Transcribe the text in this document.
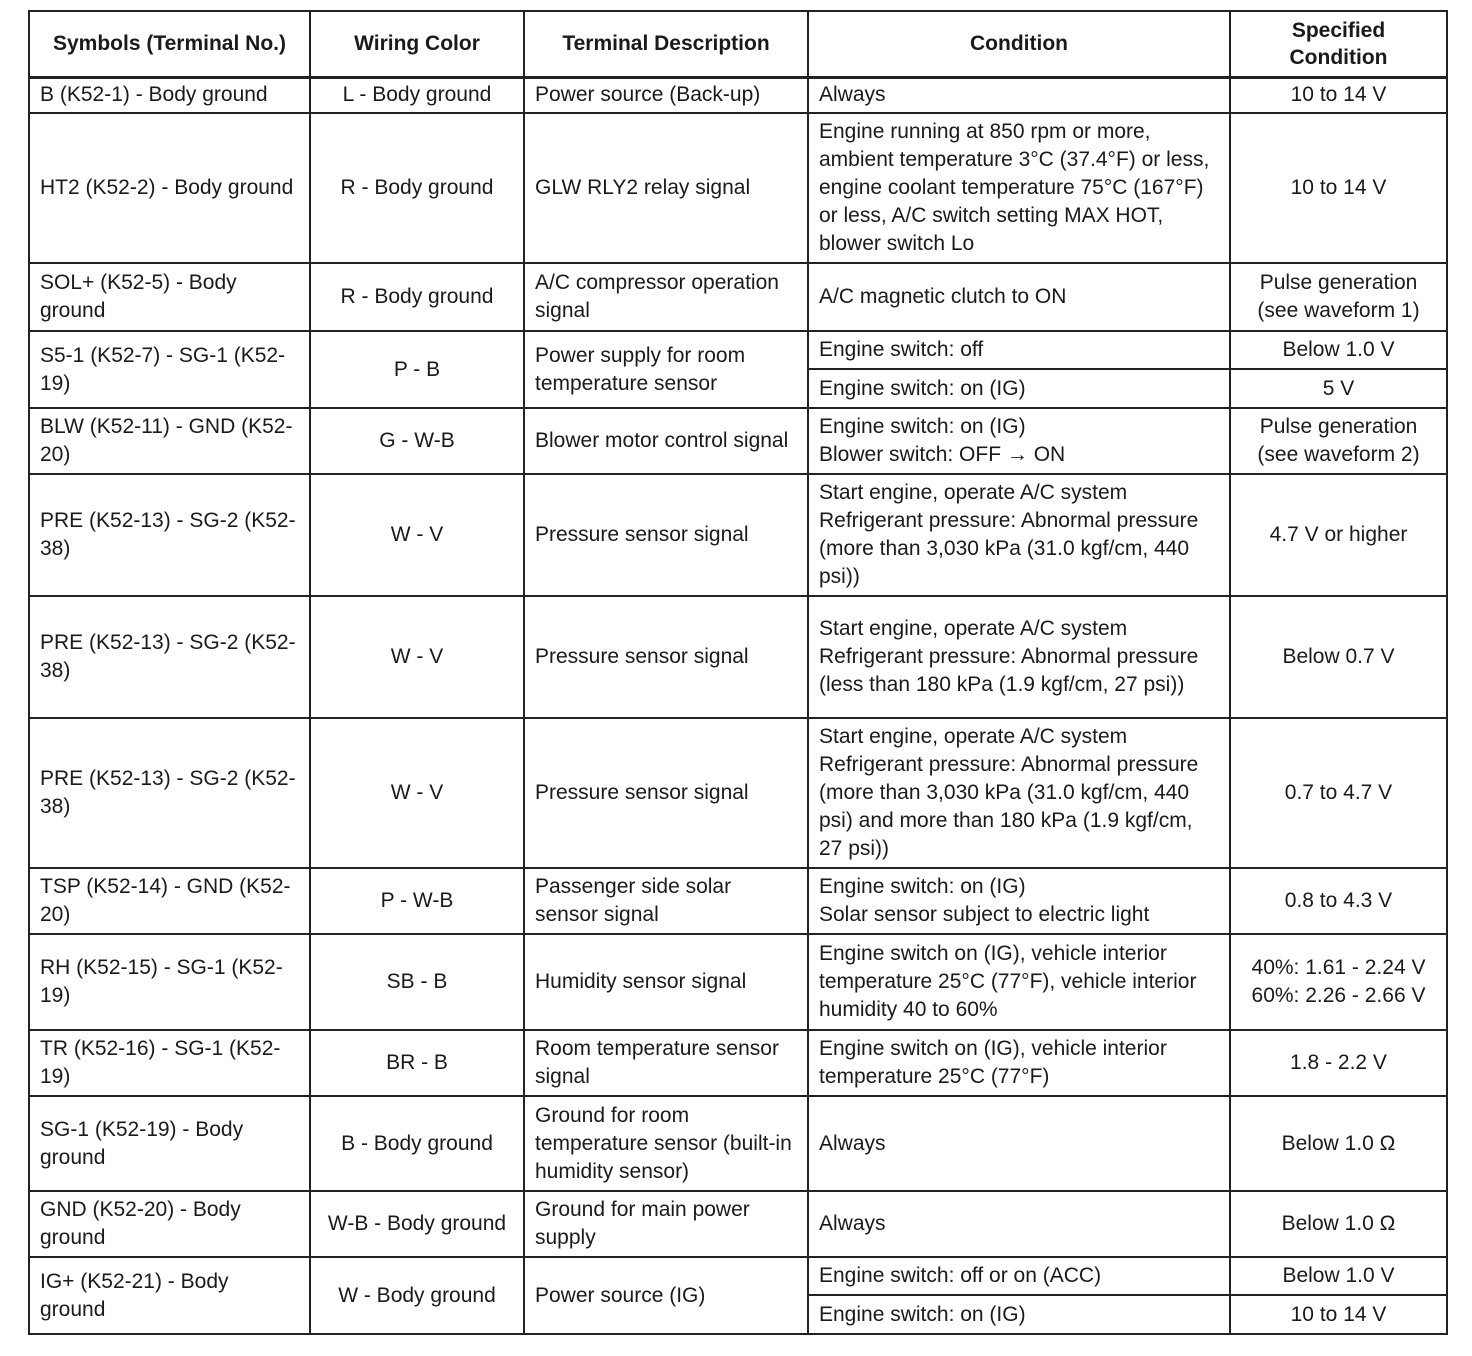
Symbols (Terminal No.)	Wiring Color	Terminal Description	Condition	Specified
Condition
B (K52-1) - Body ground	L - Body ground	Power source (Back-up)	Always	10 to 14 V
HT2 (K52-2) - Body ground	R - Body ground	GLW RLY2 relay signal	Engine running at 850 rpm or more, ambient temperature 3°C (37.4°F) or less, engine coolant temperature 75°C (167°F) or less, A/C switch setting MAX HOT, blower switch Lo	10 to 14 V
SOL+ (K52-5) - Body ground	R - Body ground	A/C compressor operation signal	A/C magnetic clutch to ON	Pulse generation
(see waveform 1)
S5-1 (K52-7) - SG-1 (K52-19)	P - B	Power supply for room temperature sensor	Engine switch: off	Below 1.0 V
			Engine switch: on (IG)	5 V
BLW (K52-11) - GND (K52-20)	G - W-B	Blower motor control signal	Engine switch: on (IG)
Blower switch: OFF → ON	Pulse generation
(see waveform 2)
PRE (K52-13) - SG-2 (K52-38)	W - V	Pressure sensor signal	Start engine, operate A/C system
Refrigerant pressure: Abnormal pressure (more than 3,030 kPa (31.0 kgf/cm, 440 psi))	4.7 V or higher
PRE (K52-13) - SG-2 (K52-38)	W - V	Pressure sensor signal	Start engine, operate A/C system
Refrigerant pressure: Abnormal pressure (less than 180 kPa (1.9 kgf/cm, 27 psi))	Below 0.7 V
PRE (K52-13) - SG-2 (K52-38)	W - V	Pressure sensor signal	Start engine, operate A/C system
Refrigerant pressure: Abnormal pressure (more than 3,030 kPa (31.0 kgf/cm, 440 psi) and more than 180 kPa (1.9 kgf/cm, 27 psi))	0.7 to 4.7 V
TSP (K52-14) - GND (K52-20)	P - W-B	Passenger side solar sensor signal	Engine switch: on (IG)
Solar sensor subject to electric light	0.8 to 4.3 V
RH (K52-15) - SG-1 (K52-19)	SB - B	Humidity sensor signal	Engine switch on (IG), vehicle interior temperature 25°C (77°F), vehicle interior humidity 40 to 60%	40%: 1.61 - 2.24 V
60%: 2.26 - 2.66 V
TR (K52-16) - SG-1 (K52-19)	BR - B	Room temperature sensor signal	Engine switch on (IG), vehicle interior temperature 25°C (77°F)	1.8 - 2.2 V
SG-1 (K52-19) - Body ground	B - Body ground	Ground for room temperature sensor (built-in humidity sensor)	Always	Below 1.0 Ω
GND (K52-20) - Body ground	W-B - Body ground	Ground for main power supply	Always	Below 1.0 Ω
IG+ (K52-21) - Body ground	W - Body ground	Power source (IG)	Engine switch: off or on (ACC)	Below 1.0 V
			Engine switch: on (IG)	10 to 14 V
